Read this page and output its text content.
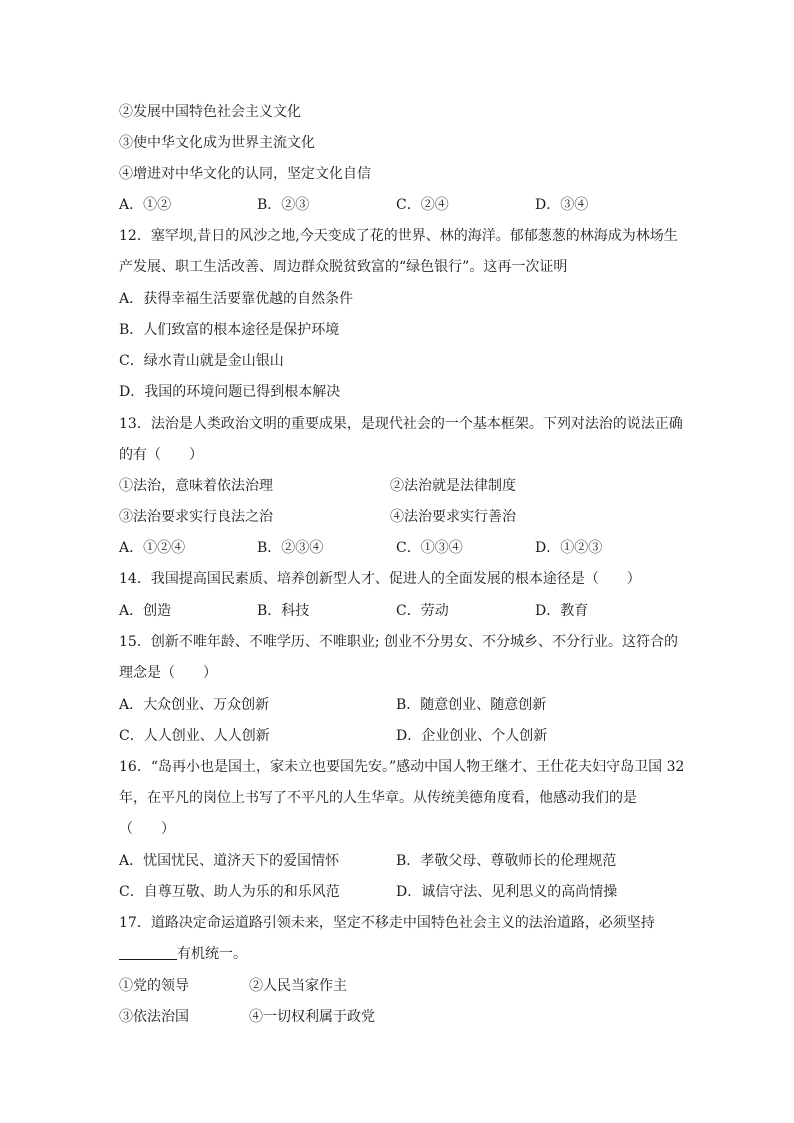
②发展中国特色社会主义文化
③使中华文化成为世界主流文化
④增进对中华文化的认同，坚定文化自信
A．①②	B．②③	C．②④	D．③④
12．塞罕坝,昔日的风沙之地,今天变成了花的世界、林的海洋。郁郁葱葱的林海成为林场生
产发展、职工生活改善、周边群众脱贫致富的“绿色银行”。这再一次证明
A．获得幸福生活要靠优越的自然条件
B．人们致富的根本途径是保护环境
C．绿水青山就是金山银山
D．我国的环境问题已得到根本解决
13．法治是人类政治文明的重要成果，是现代社会的一个基本框架。下列对法治的说法正确
的有（　　）
①法治，意味着依法治理	②法治就是法律制度
③法治要求实行良法之治	④法治要求实行善治
A．①②④	B．②③④	C．①③④	D．①②③
14．我国提高国民素质、培养创新型人才、促进人的全面发展的根本途径是（　　）
A．创造	B．科技	C．劳动	D．教育
15．创新不唯年龄、不唯学历、不唯职业; 创业不分男女、不分城乡、不分行业。这符合的
理念是（　　）
A．大众创业、万众创新	B．随意创业、随意创新
C．人人创业、人人创新	D．企业创业、个人创新
16．“岛再小也是国土，家未立也要国先安。”感动中国人物王继才、王仕花夫妇守岛卫国 32
年，在平凡的岗位上书写了不平凡的人生华章。从传统美德角度看，他感动我们的是
（　　）
A．忧国忧民、道济天下的爱国情怀	B．孝敬父母、尊敬师长的伦理规范
C．自尊互敬、助人为乐的和乐风范	D．诚信守法、见利思义的高尚情操
17．道路决定命运道路引领未来，坚定不移走中国特色社会主义的法治道路，必须坚持
有机统一。
①党的领导	②人民当家作主
③依法治国	④一切权利属于政党
